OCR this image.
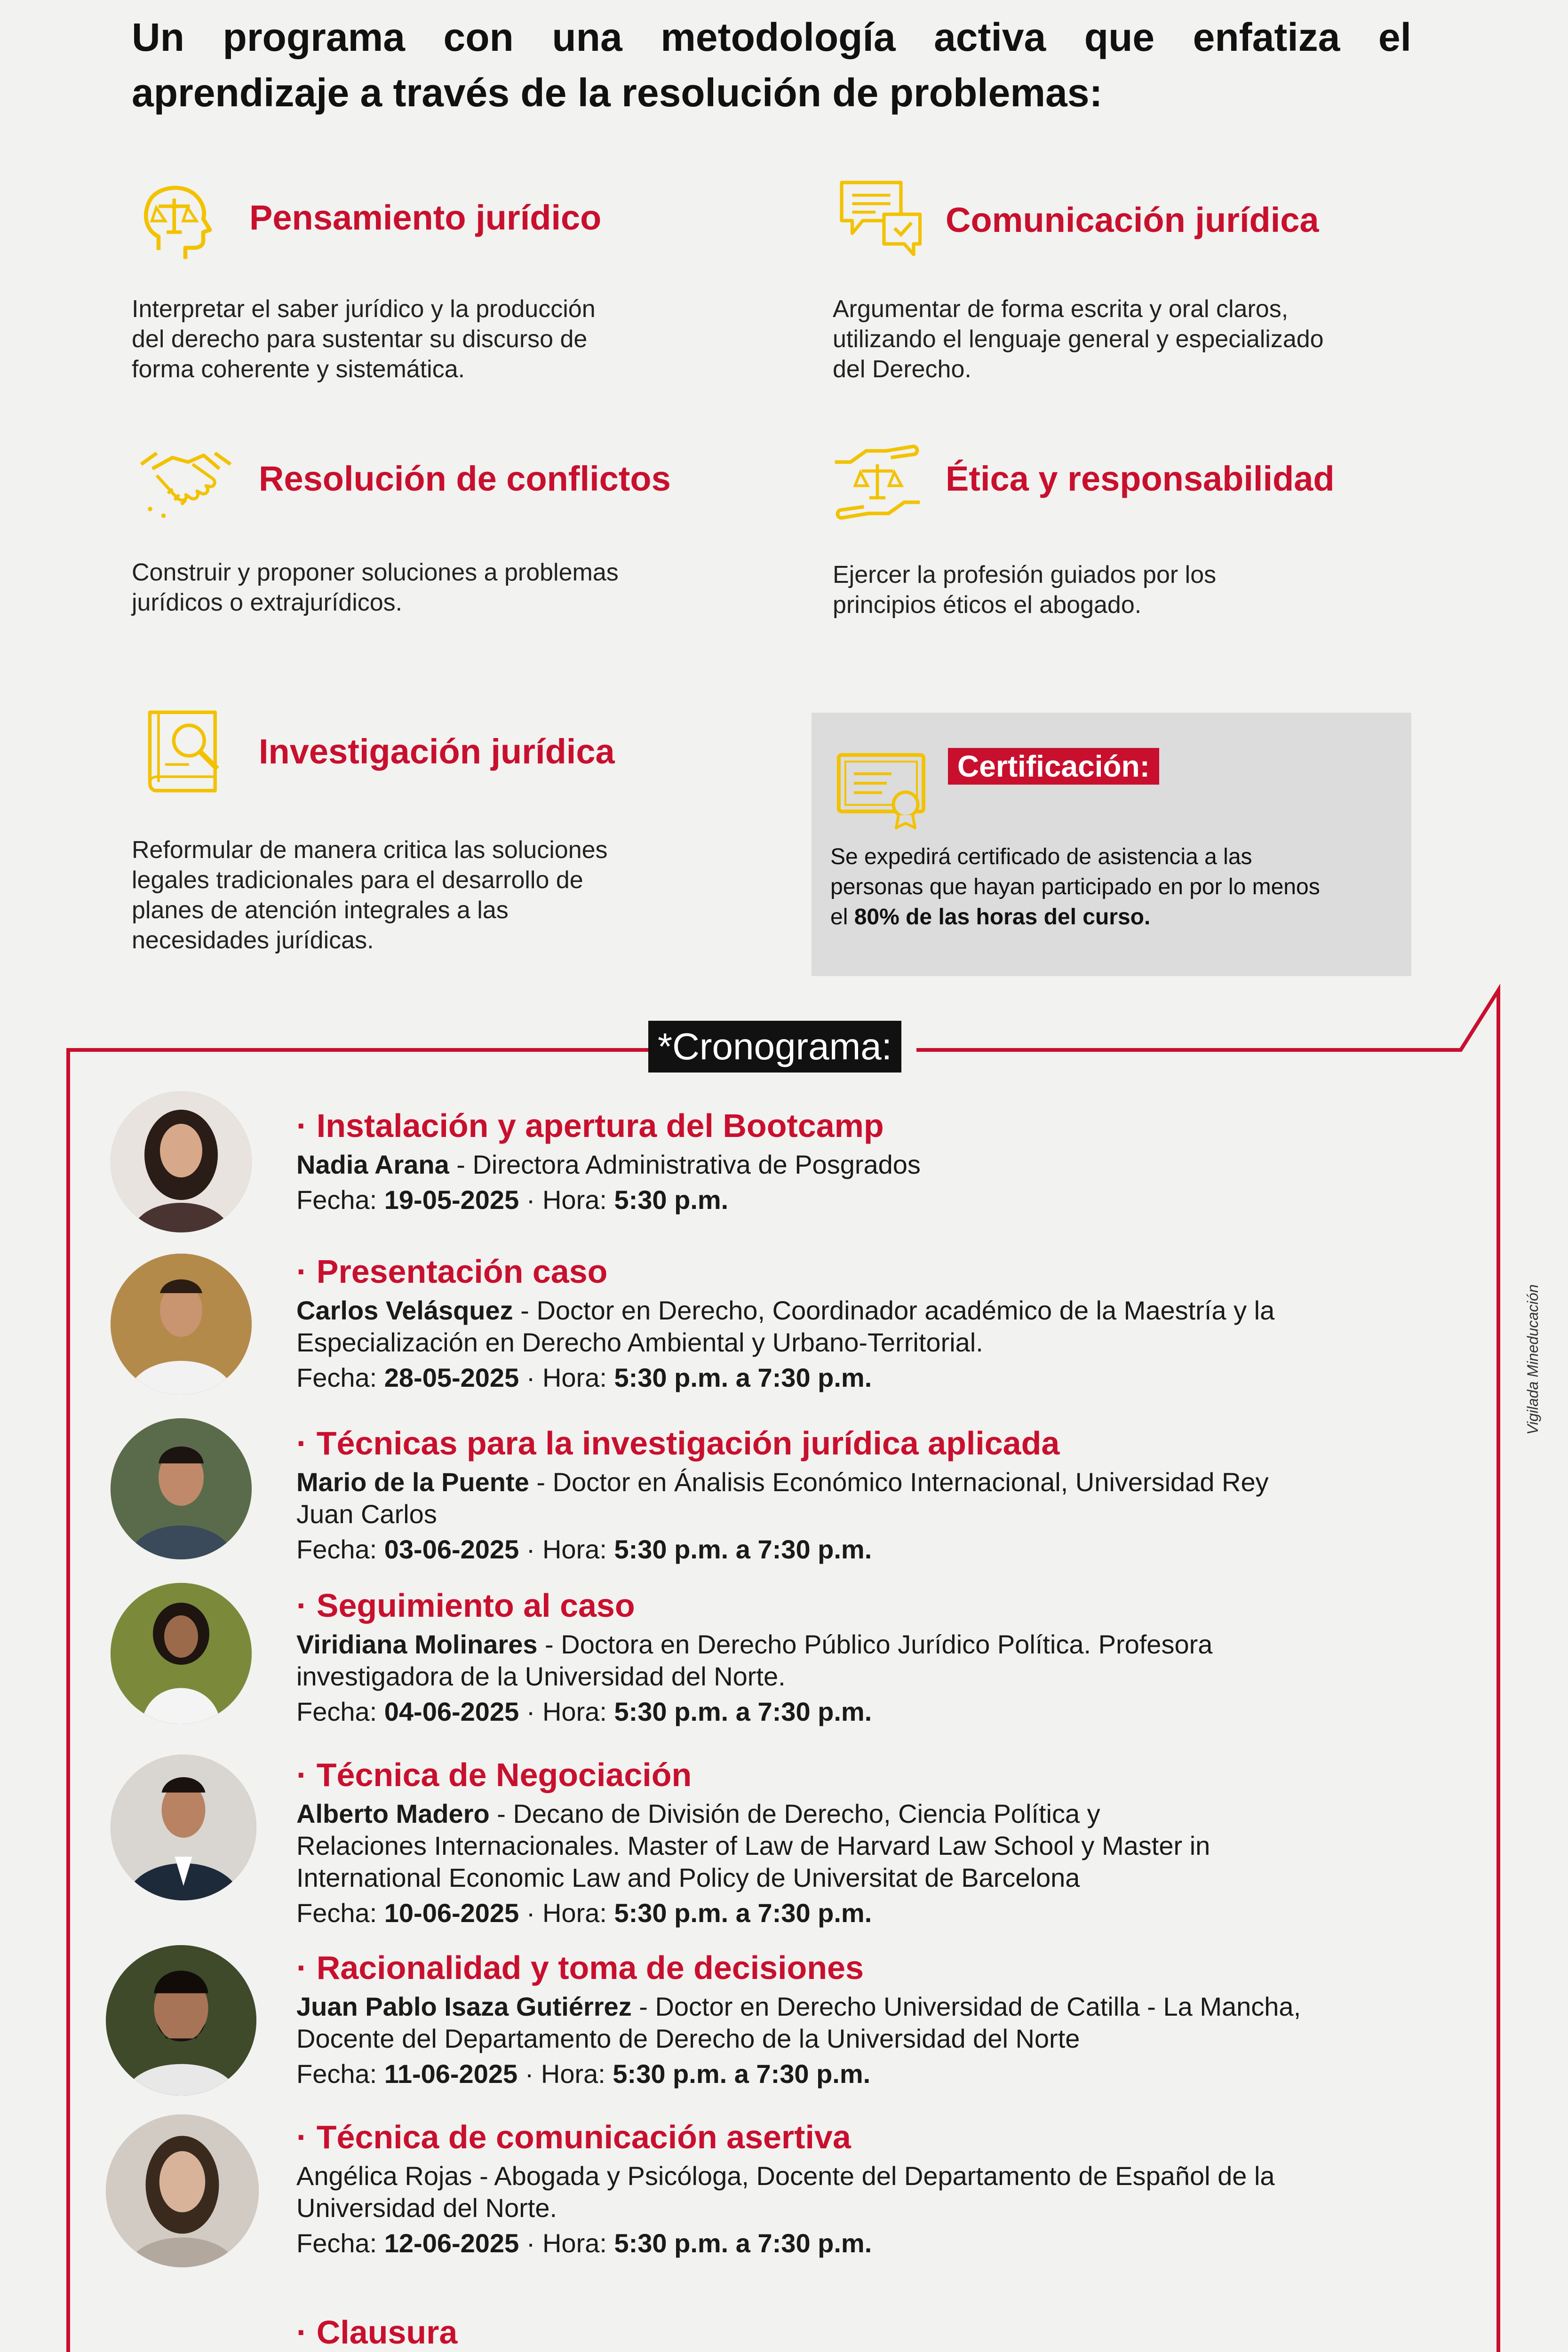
Un programa con una metodología activa que enfatiza el
aprendizaje a través de la resolución de problemas:
Pensamiento jurídico
Interpretar el saber jurídico y la producción
del derecho para sustentar su discurso de
forma coherente y sistemática.
Comunicación jurídica
Argumentar de forma escrita y oral claros,
utilizando el lenguaje general y especializado
del Derecho.
Resolución de conflictos
Construir y proponer soluciones a problemas
jurídicos o extrajurídicos.
Ética y responsabilidad
Ejercer la profesión guiados por los
principios éticos el abogado.
Investigación jurídica
Reformular de manera critica las soluciones
legales tradicionales para el desarrollo de
planes de atención integrales a las
necesidades jurídicas.
Certificación:
Se expedirá certificado de asistencia a las
personas que hayan participado en por lo menos
el 80% de las horas del curso.
*Cronograma:
· Instalación y apertura del Bootcamp
Nadia Arana - Directora Administrativa de Posgrados
Fecha: 19-05-2025 · Hora: 5:30 p.m.
· Presentación caso
Carlos Velásquez - Doctor en Derecho, Coordinador académico de la Maestría y la
Especialización en Derecho Ambiental y Urbano-Territorial.
Fecha: 28-05-2025 · Hora: 5:30 p.m. a 7:30 p.m.
· Técnicas para la investigación jurídica aplicada
Mario de la Puente - Doctor en Ánalisis Económico Internacional, Universidad Rey
Juan Carlos
Fecha: 03-06-2025 · Hora: 5:30 p.m. a 7:30 p.m.
· Seguimiento al caso
Viridiana Molinares - Doctora en Derecho Público Jurídico Política. Profesora
investigadora de la Universidad del Norte.
Fecha: 04-06-2025 · Hora: 5:30 p.m. a 7:30 p.m.
· Técnica de Negociación
Alberto Madero - Decano de División de Derecho, Ciencia Política y
Relaciones Internacionales. Master of Law de Harvard Law School y Master in
International Economic Law and Policy de Universitat de Barcelona
Fecha: 10-06-2025 · Hora: 5:30 p.m. a 7:30 p.m.
· Racionalidad y toma de decisiones
Juan Pablo Isaza Gutiérrez - Doctor en Derecho Universidad de Catilla - La Mancha,
Docente del Departamento de Derecho de la Universidad del Norte
Fecha: 11-06-2025 · Hora: 5:30 p.m. a 7:30 p.m.
· Técnica de comunicación asertiva
Angélica Rojas - Abogada y Psicóloga, Docente del Departamento de Español de la
Universidad del Norte.
Fecha: 12-06-2025 · Hora: 5:30 p.m. a 7:30 p.m.
· Clausura
Vigilada Mineducación
